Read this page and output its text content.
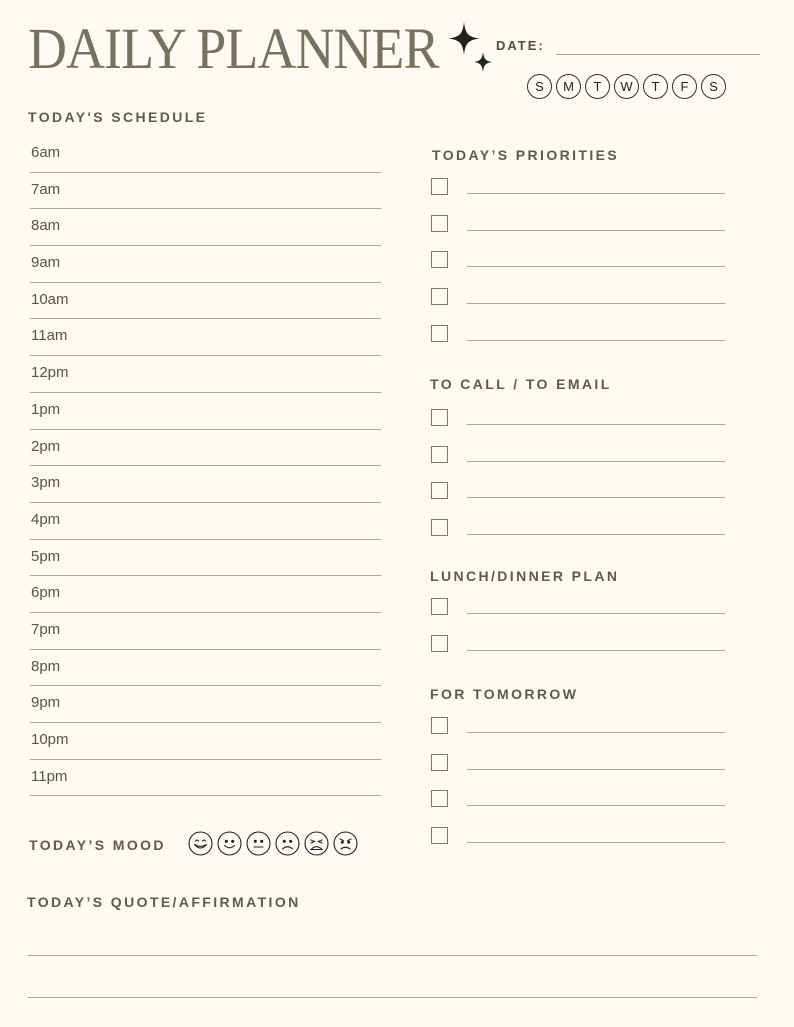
DAILY PLANNER	DATE:
S	M	T	W	T	F	S
TODAY'S SCHEDULE
6am
7am
8am
9am
10am
11am
12pm
1pm
2pm
3pm
4pm
5pm
6pm
7pm
8pm
9pm
10pm
11pm
TODAY’S PRIORITIES
TO CALL / TO EMAIL
LUNCH/DINNER PLAN
FOR TOMORROW
TODAY’S MOOD
TODAY’S QUOTE/AFFIRMATION
